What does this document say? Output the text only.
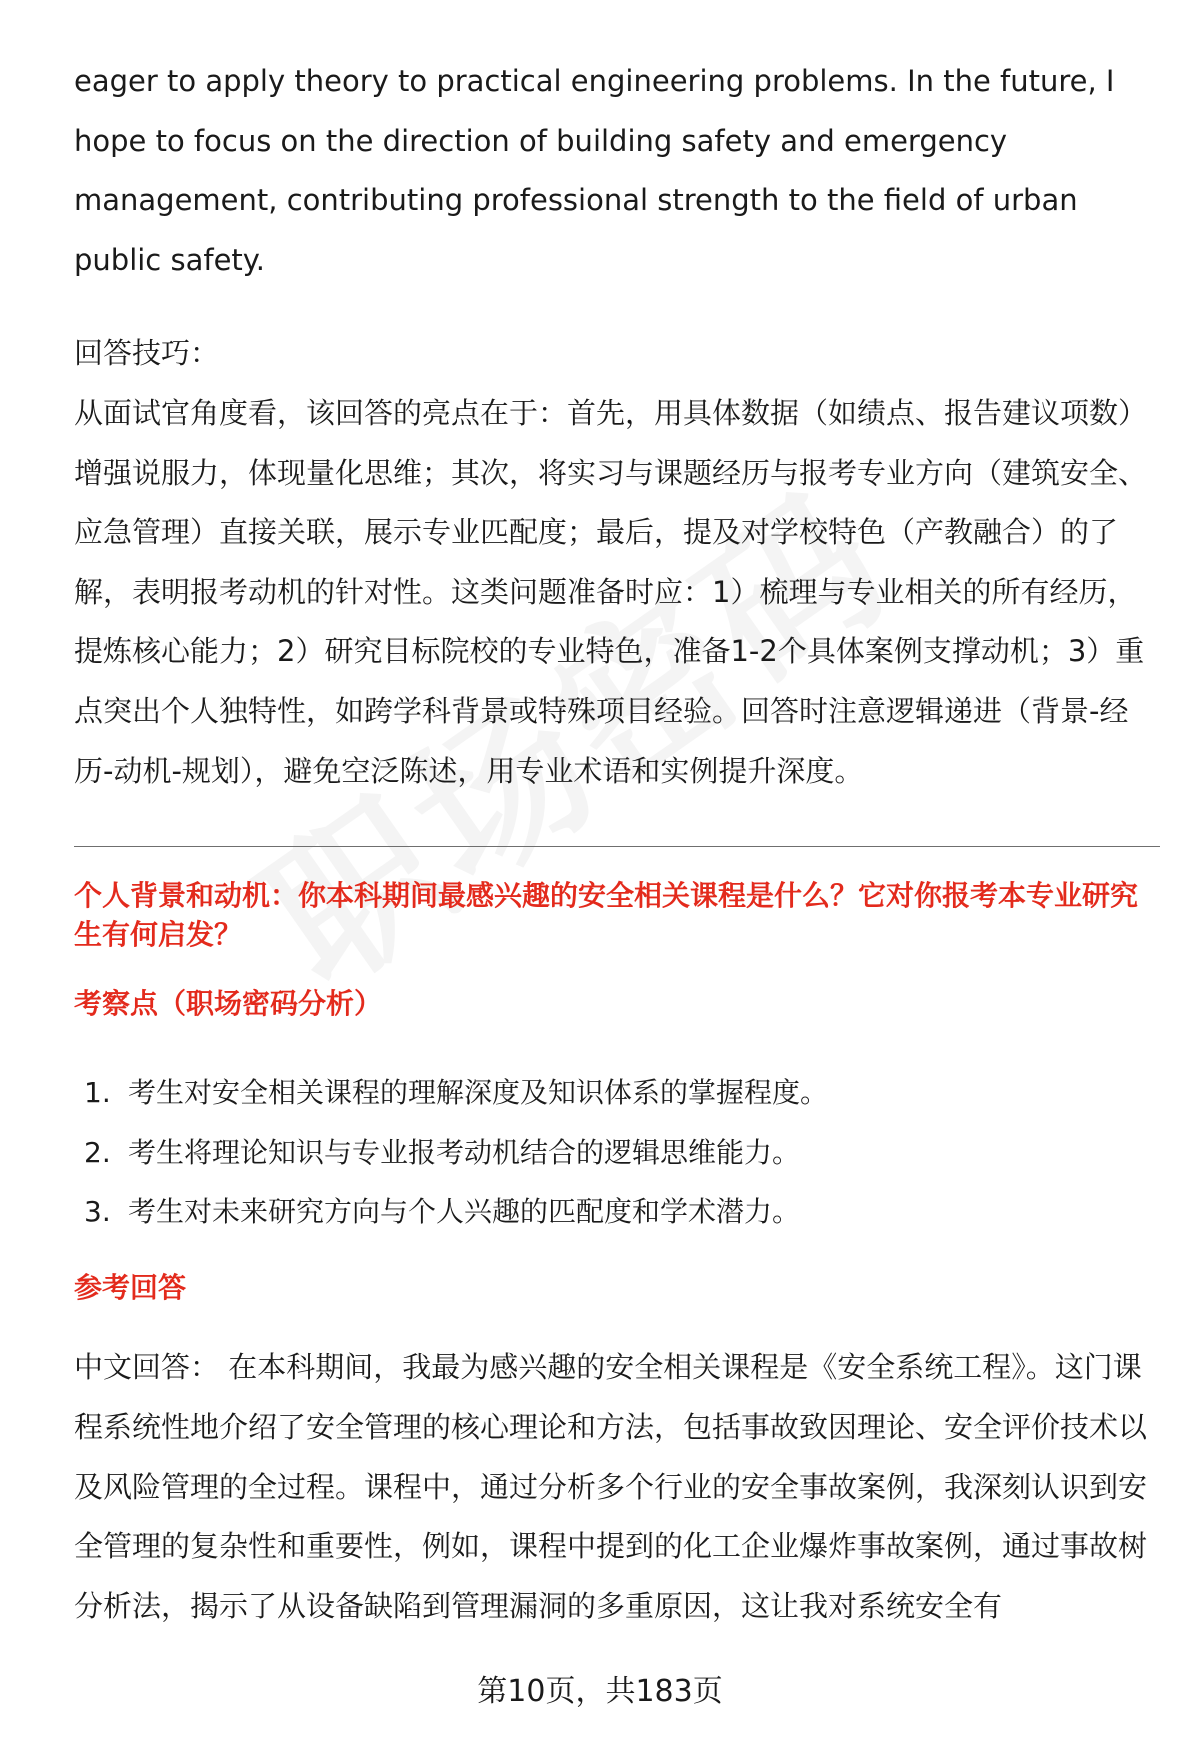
eager to apply theory to practical engineering problems. In the future, I hope to focus on the direction of building safety and emergency management, contributing professional strength to the field of urban public safety.

回答技巧：

从面试官角度看，该回答的亮点在于：首先，用具体数据（如绩点、报告建议项数）增强说服力，体现量化思维；其次，将实习与课题经历与报考专业方向（建筑安全、应急管理）直接关联，展示专业匹配度；最后，提及对学校特色（产教融合）的了解，表明报考动机的针对性。这类问题准备时应：1）梳理与专业相关的所有经历，提炼核心能力；2）研究目标院校的专业特色，准备1-2个具体案例支撑动机；3）重点突出个人独特性，如跨学科背景或特殊项目经验。回答时注意逻辑递进（背景-经历-动机-规划），避免空泛陈述，用专业术语和实例提升深度。

个人背景和动机：你本科期间最感兴趣的安全相关课程是什么？它对你报考本专业研究生有何启发？

考察点（职场密码分析）

1. 考生对安全相关课程的理解深度及知识体系的掌握程度。
2. 考生将理论知识与专业报考动机结合的逻辑思维能力。
3. 考生对未来研究方向与个人兴趣的匹配度和学术潜力。

参考回答

中文回答： 在本科期间，我最为感兴趣的安全相关课程是《安全系统工程》。这门课程系统性地介绍了安全管理的核心理论和方法，包括事故致因理论、安全评价技术以及风险管理的全过程。课程中，通过分析多个行业的安全事故案例，我深刻认识到安全管理的复杂性和重要性，例如，课程中提到的化工企业爆炸事故案例，通过事故树分析法，揭示了从设备缺陷到管理漏洞的多重原因，这让我对系统安全有

第10页，共183页
